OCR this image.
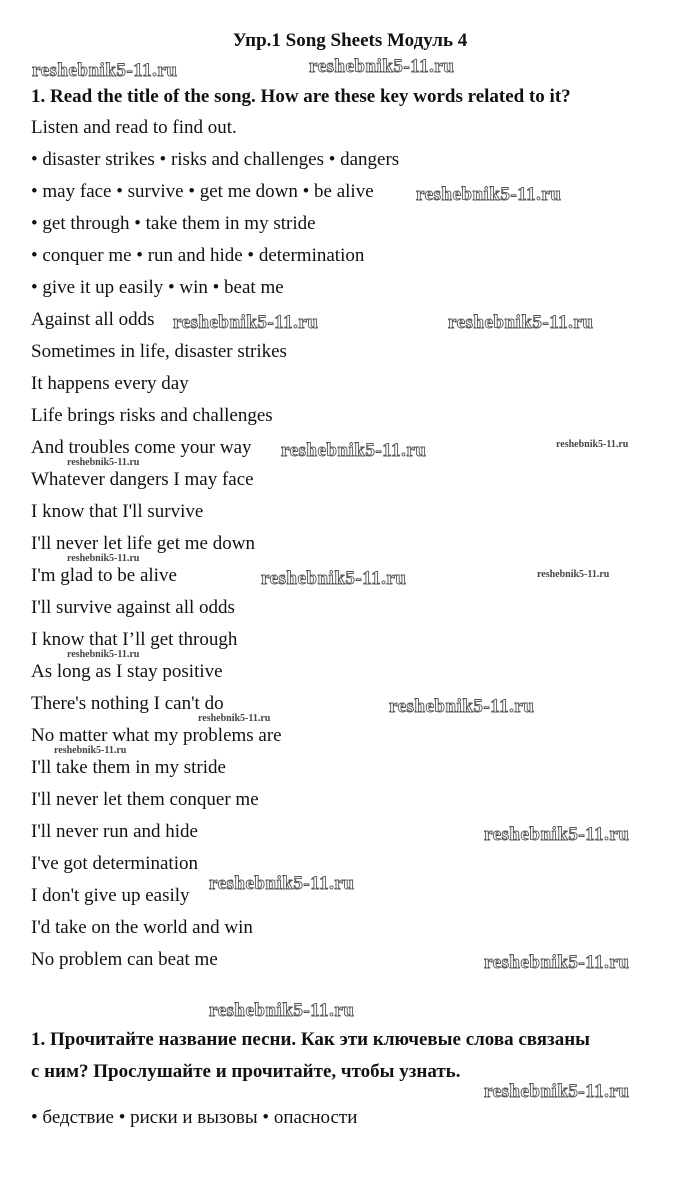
Упр.1 Song Sheets Модуль 4
1. Read the title of the song. How are these key words related to it?
Listen and read to find out.
• disaster strikes • risks and challenges • dangers
• may face • survive • get me down • be alive
• get through • take them in my stride
• conquer me • run and hide • determination
• give it up easily • win • beat me
Against all odds
Sometimes in life, disaster strikes
It happens every day
Life brings risks and challenges
And troubles come your way
Whatever dangers I may face
I know that I'll survive
I'll never let life get me down
I'm glad to be alive
I'll survive against all odds
I know that I’ll get through
As long as I stay positive
There's nothing I can't do
No matter what my problems are
I'll take them in my stride
I'll never let them conquer me
I'll never run and hide
I've got determination
I don't give up easily
I'd take on the world and win
No problem can beat me
1. Прочитайте название песни. Как эти ключевые слова связаны
с ним? Прослушайте и прочитайте, чтобы узнать.
• бедствие • риски и вызовы • опасности
reshebnik5-11.ru	reshebnik5-11.ru
reshebnik5-11.ru
reshebnik5-11.ru	reshebnik5-11.ru
reshebnik5-11.ru	reshebnik5-11.ru
reshebnik5-11.ru
reshebnik5-11.ru
reshebnik5-11.ru	reshebnik5-11.ru
reshebnik5-11.ru
reshebnik5-11.ru
reshebnik5-11.ru
reshebnik5-11.ru
reshebnik5-11.ru
reshebnik5-11.ru
reshebnik5-11.ru
reshebnik5-11.ru
reshebnik5-11.ru
